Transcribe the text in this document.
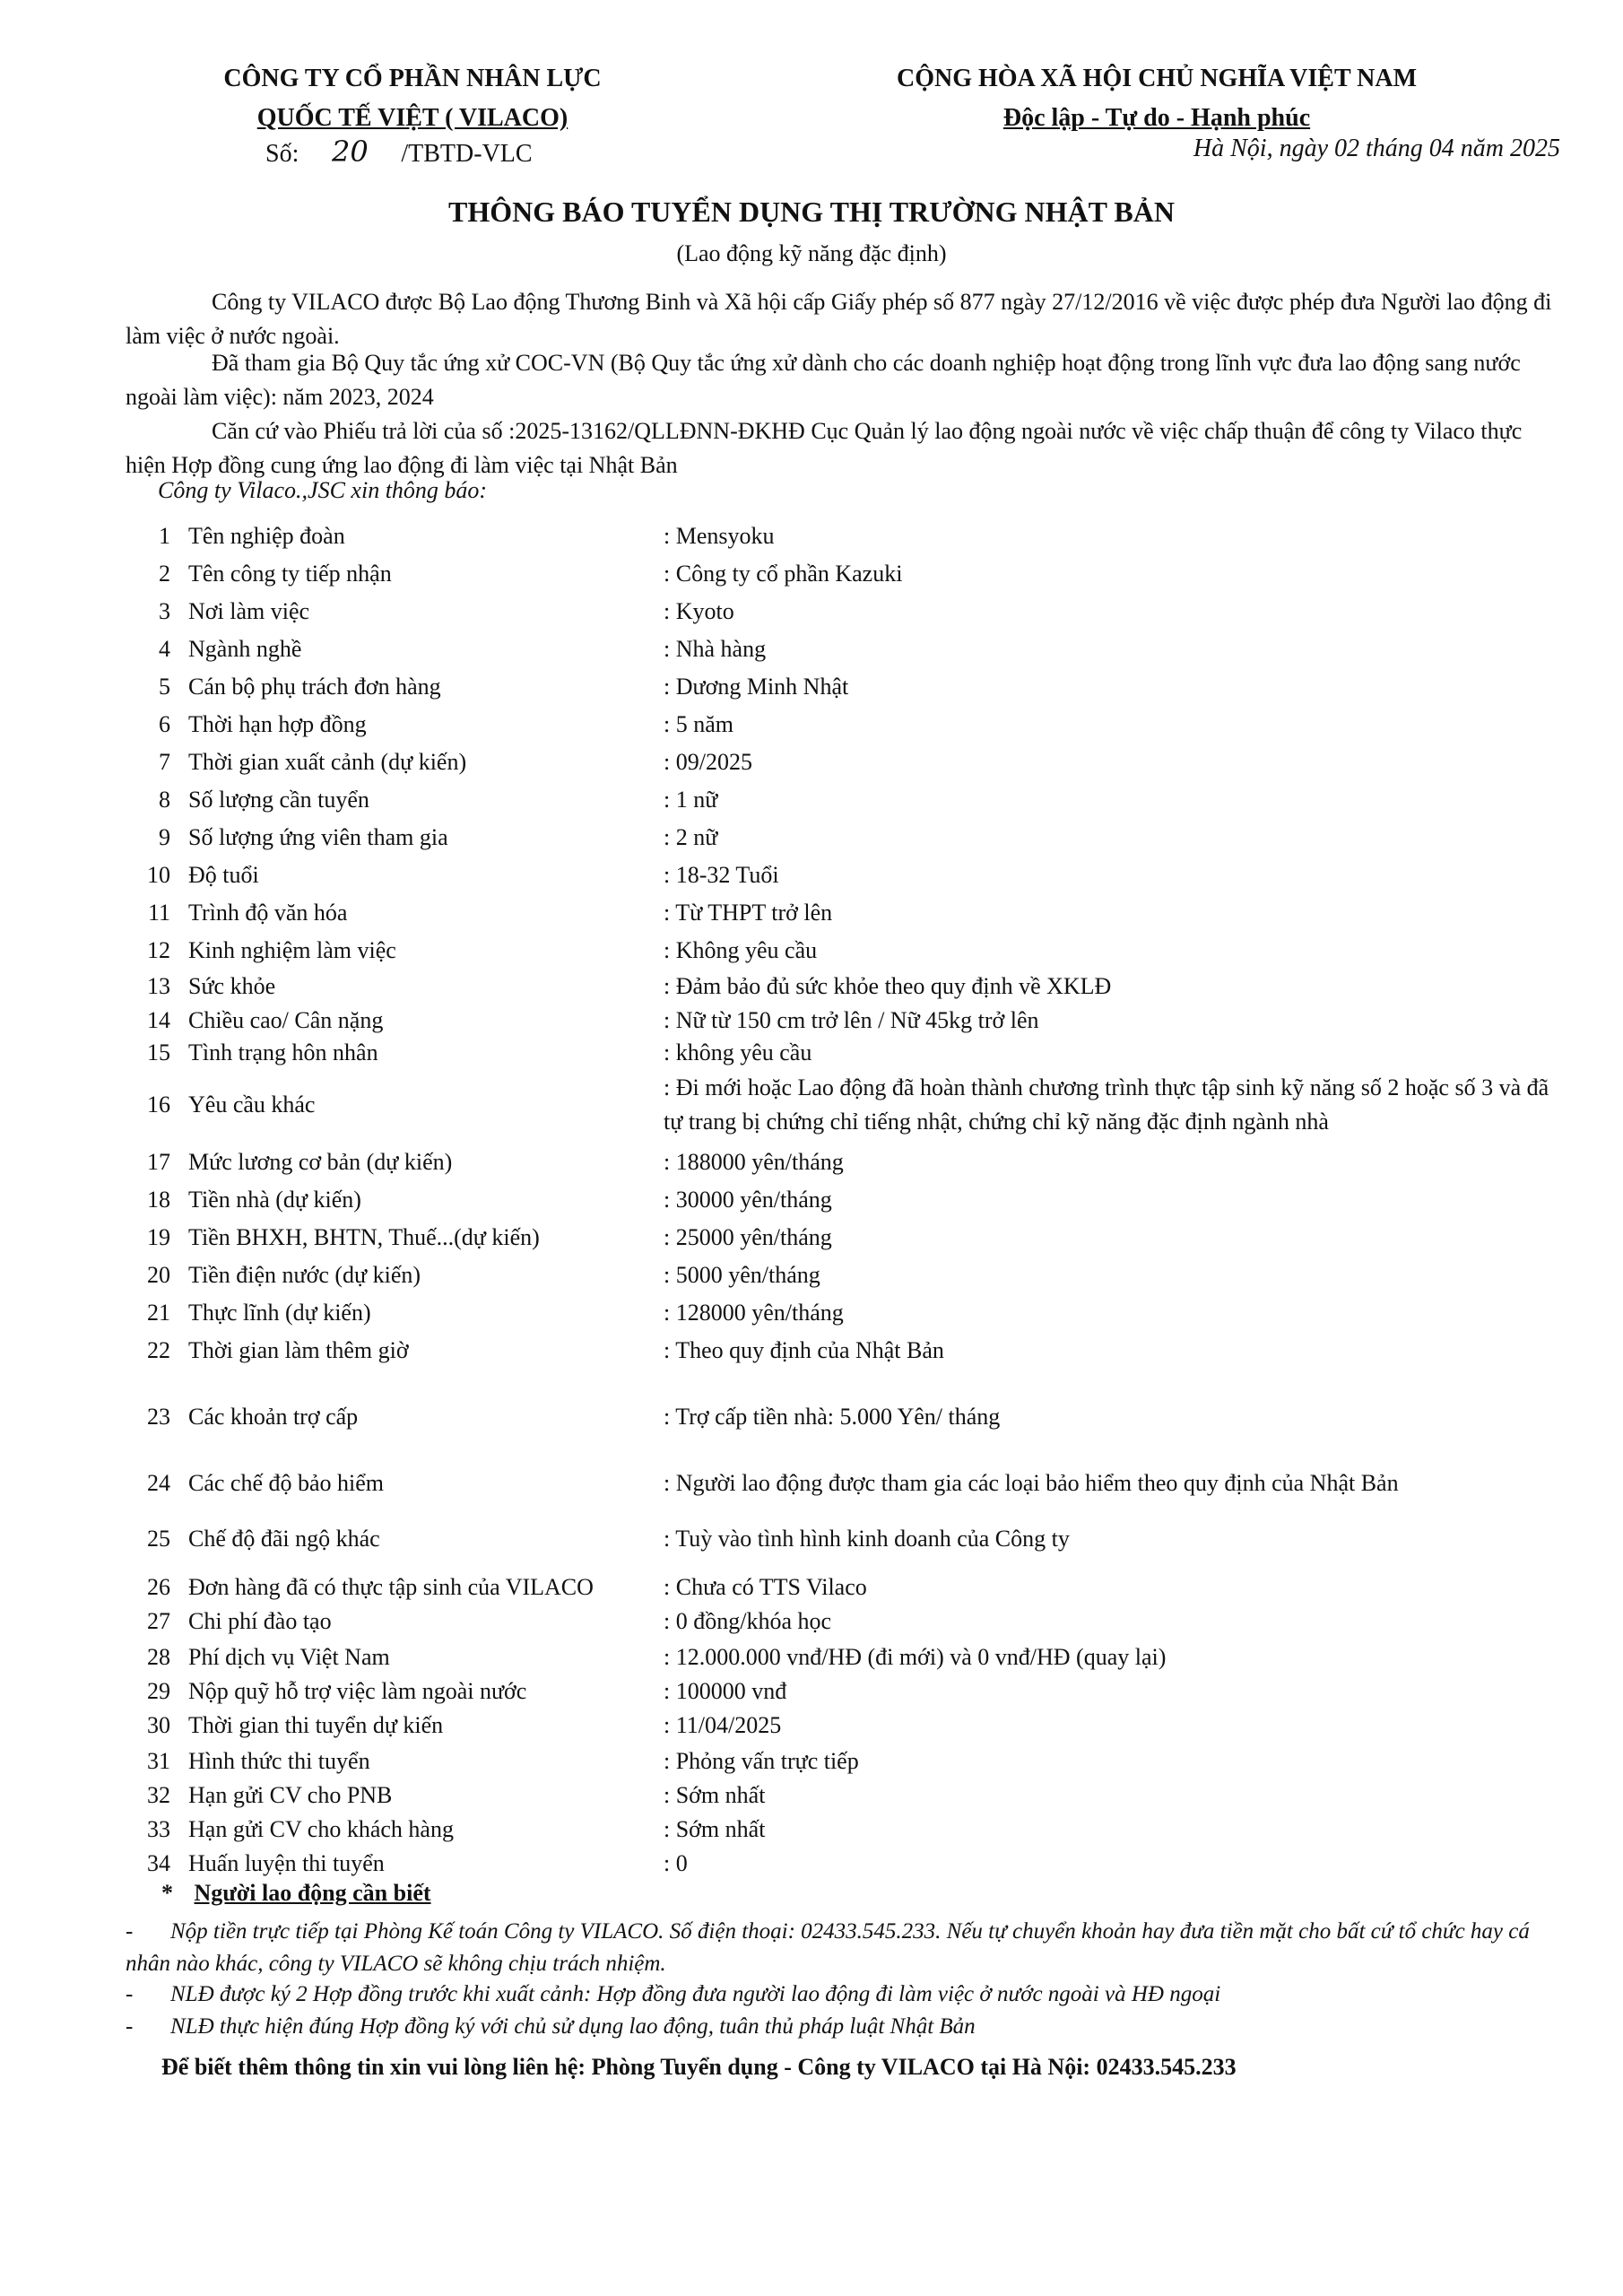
CÔNG TY CỔ PHẦN NHÂN LỰC
QUỐC TẾ VIỆT ( VILACO)
Số: 20 /TBTD-VLC
CỘNG HÒA XÃ HỘI CHỦ NGHĨA VIỆT NAM
Độc lập - Tự do - Hạnh phúc
Hà Nội, ngày 02 tháng 04 năm 2025
THÔNG BÁO TUYỂN DỤNG THỊ TRƯỜNG NHẬT BẢN
(Lao động kỹ năng đặc định)
Công ty VILACO được Bộ Lao động Thương Binh và Xã hội cấp Giấy phép số 877 ngày 27/12/2016 về việc được phép đưa Người lao động đi làm việc ở nước ngoài.
Đã tham gia Bộ Quy tắc ứng xử COC-VN (Bộ Quy tắc ứng xử dành cho các doanh nghiệp hoạt động trong lĩnh vực đưa lao động sang nước ngoài làm việc): năm 2023, 2024
Căn cứ vào Phiếu trả lời của số :2025-13162/QLLĐNN-ĐKHĐ Cục Quản lý lao động ngoài nước về việc chấp thuận để công ty Vilaco thực hiện Hợp đồng cung ứng lao động đi làm việc tại Nhật Bản
Công ty Vilaco.,JSC xin thông báo:
1 Tên nghiệp đoàn	: Mensyoku
2 Tên công ty tiếp nhận	: Công ty cổ phần Kazuki
3 Nơi làm việc	: Kyoto
4 Ngành nghề	: Nhà hàng
5 Cán bộ phụ trách đơn hàng	: Dương Minh Nhật
6 Thời hạn hợp đồng	: 5 năm
7 Thời gian xuất cảnh (dự kiến)	: 09/2025
8 Số lượng cần tuyển	: 1 nữ
9 Số lượng ứng viên tham gia	: 2 nữ
10 Độ tuổi	: 18-32 Tuổi
11 Trình độ văn hóa	: Từ THPT trở lên
12 Kinh nghiệm làm việc	: Không yêu cầu
13 Sức khỏe	: Đảm bảo đủ sức khỏe theo quy định về XKLĐ
14 Chiều cao/ Cân nặng	: Nữ từ 150 cm trở lên / Nữ 45kg trở lên
15 Tình trạng hôn nhân	: không yêu cầu
16 Yêu cầu khác
: Đi mới hoặc Lao động đã hoàn thành chương trình thực tập sinh kỹ năng số 2 hoặc số 3 và đã tự trang bị chứng chỉ tiếng nhật, chứng chỉ kỹ năng đặc định ngành nhà
17 Mức lương cơ bản (dự kiến)	: 188000 yên/tháng
18 Tiền nhà (dự kiến)	: 30000 yên/tháng
19 Tiền BHXH, BHTN, Thuế...(dự kiến)	: 25000 yên/tháng
20 Tiền điện nước (dự kiến)	: 5000 yên/tháng
21 Thực lĩnh (dự kiến)	: 128000 yên/tháng
22 Thời gian làm thêm giờ	: Theo quy định của Nhật Bản
23 Các khoản trợ cấp	: Trợ cấp tiền nhà: 5.000 Yên/ tháng
24 Các chế độ bảo hiểm	: Người lao động được tham gia các loại bảo hiểm theo quy định của Nhật Bản
25 Chế độ đãi ngộ khác	: Tuỳ vào tình hình kinh doanh của Công ty
26 Đơn hàng đã có thực tập sinh của VILACO	: Chưa có TTS Vilaco
27 Chi phí đào tạo	: 0 đồng/khóa học
28 Phí dịch vụ Việt Nam	: 12.000.000 vnđ/HĐ (đi mới) và 0 vnđ/HĐ (quay lại)
29 Nộp quỹ hỗ trợ việc làm ngoài nước	: 100000 vnđ
30 Thời gian thi tuyển dự kiến	: 11/04/2025
31 Hình thức thi tuyển	: Phỏng vấn trực tiếp
32 Hạn gửi CV cho PNB	: Sớm nhất
33 Hạn gửi CV cho khách hàng	: Sớm nhất
34 Huấn luyện thi tuyển	: 0
* Người lao động cần biết
- Nộp tiền trực tiếp tại Phòng Kế toán Công ty VILACO. Số điện thoại: 02433.545.233. Nếu tự chuyển khoản hay đưa tiền mặt cho bất cứ tổ chức hay cá nhân nào khác, công ty VILACO sẽ không chịu trách nhiệm.
- NLĐ được ký 2 Hợp đồng trước khi xuất cảnh: Hợp đồng đưa người lao động đi làm việc ở nước ngoài và HĐ ngoại
- NLĐ thực hiện đúng Hợp đồng ký với chủ sử dụng lao động, tuân thủ pháp luật Nhật Bản
Để biết thêm thông tin xin vui lòng liên hệ: Phòng Tuyển dụng - Công ty VILACO tại Hà Nội: 02433.545.233
